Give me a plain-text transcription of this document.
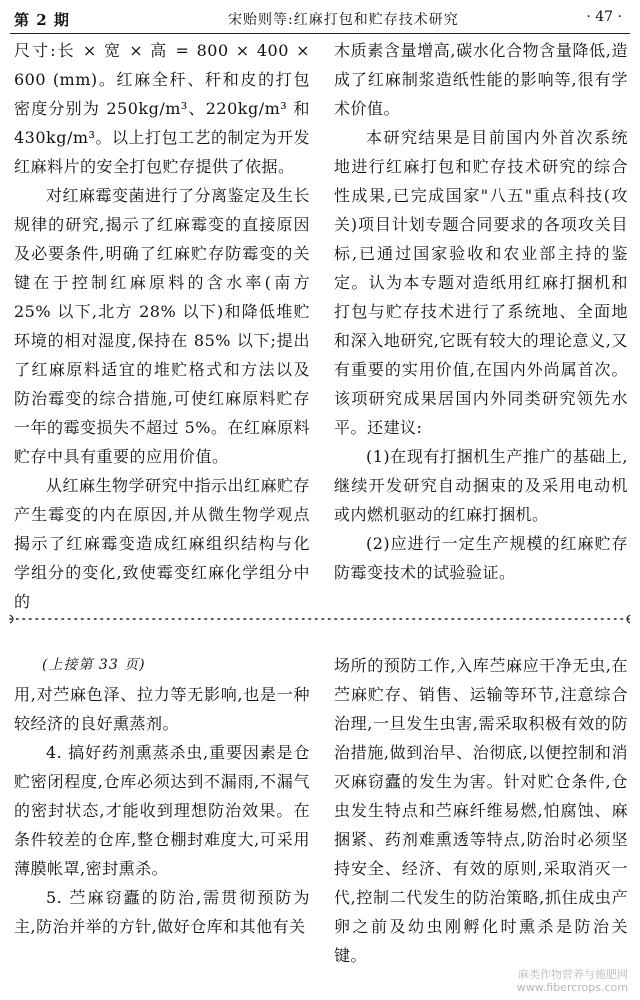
第 2 期	宋贻则等:红麻打包和贮存技术研究	· 47 ·

尺寸:长 × 宽 × 高 = 800 × 400 × 600 (mm)。红麻全秆、秆和皮的打包密度分别为 250kg/m³、220kg/m³ 和 430kg/m³。以上打包工艺的制定为开发红麻料片的安全打包贮存提供了依据。

对红麻霉变菌进行了分离鉴定及生长规律的研究,揭示了红麻霉变的直接原因及必要条件,明确了红麻贮存防霉变的关键在于控制红麻原料的含水率(南方 25% 以下,北方 28% 以下)和降低堆贮环境的相对湿度,保持在 85% 以下;提出了红麻原料适宜的堆贮格式和方法以及防治霉变的综合措施,可使红麻原料贮存一年的霉变损失不超过 5%。在红麻原料贮存中具有重要的应用价值。

从红麻生物学研究中指示出红麻贮存产生霉变的内在原因,并从微生物学观点揭示了红麻霉变造成红麻组织结构与化学组分的变化,致使霉变红麻化学组分中的

木质素含量增高,碳水化合物含量降低,造成了红麻制浆造纸性能的影响等,很有学术价值。

本研究结果是目前国内外首次系统地进行红麻打包和贮存技术研究的综合性成果,已完成国家"八五"重点科技(攻关)项目计划专题合同要求的各项攻关目标,已通过国家验收和农业部主持的鉴定。认为本专题对造纸用红麻打捆机和打包与贮存技术进行了系统地、全面地和深入地研究,它既有较大的理论意义,又有重要的实用价值,在国内外尚属首次。该项研究成果居国内外同类研究领先水平。还建议:

(1)在现有打捆机生产推广的基础上,继续开发研究自动捆束的及采用电动机或内燃机驱动的红麻打捆机。

(2)应进行一定生产规模的红麻贮存防霉变技术的试验验证。

(上接第 33 页)

用,对苎麻色泽、拉力等无影响,也是一种较经济的良好熏蒸剂。

4. 搞好药剂熏蒸杀虫,重要因素是仓贮密闭程度,仓库必须达到不漏雨,不漏气的密封状态,才能收到理想防治效果。在条件较差的仓库,整仓棚封难度大,可采用薄膜帐罩,密封熏杀。

5. 苎麻窃蠹的防治,需贯彻预防为主,防治并举的方针,做好仓库和其他有关

场所的预防工作,入库苎麻应干净无虫,在苎麻贮存、销售、运输等环节,注意综合治理,一旦发生虫害,需采取积极有效的防治措施,做到治早、治彻底,以便控制和消灭麻窃蠹的发生为害。针对贮仓条件,仓虫发生特点和苎麻纤维易燃,怕腐蚀、麻捆紧、药剂难熏透等特点,防治时必须坚持安全、经济、有效的原则,采取消灭一代,控制二代发生的防治策略,抓住成虫产卵之前及幼虫刚孵化时熏杀是防治关键。

麻类作物营养与施肥网
www.fibercrops.com
